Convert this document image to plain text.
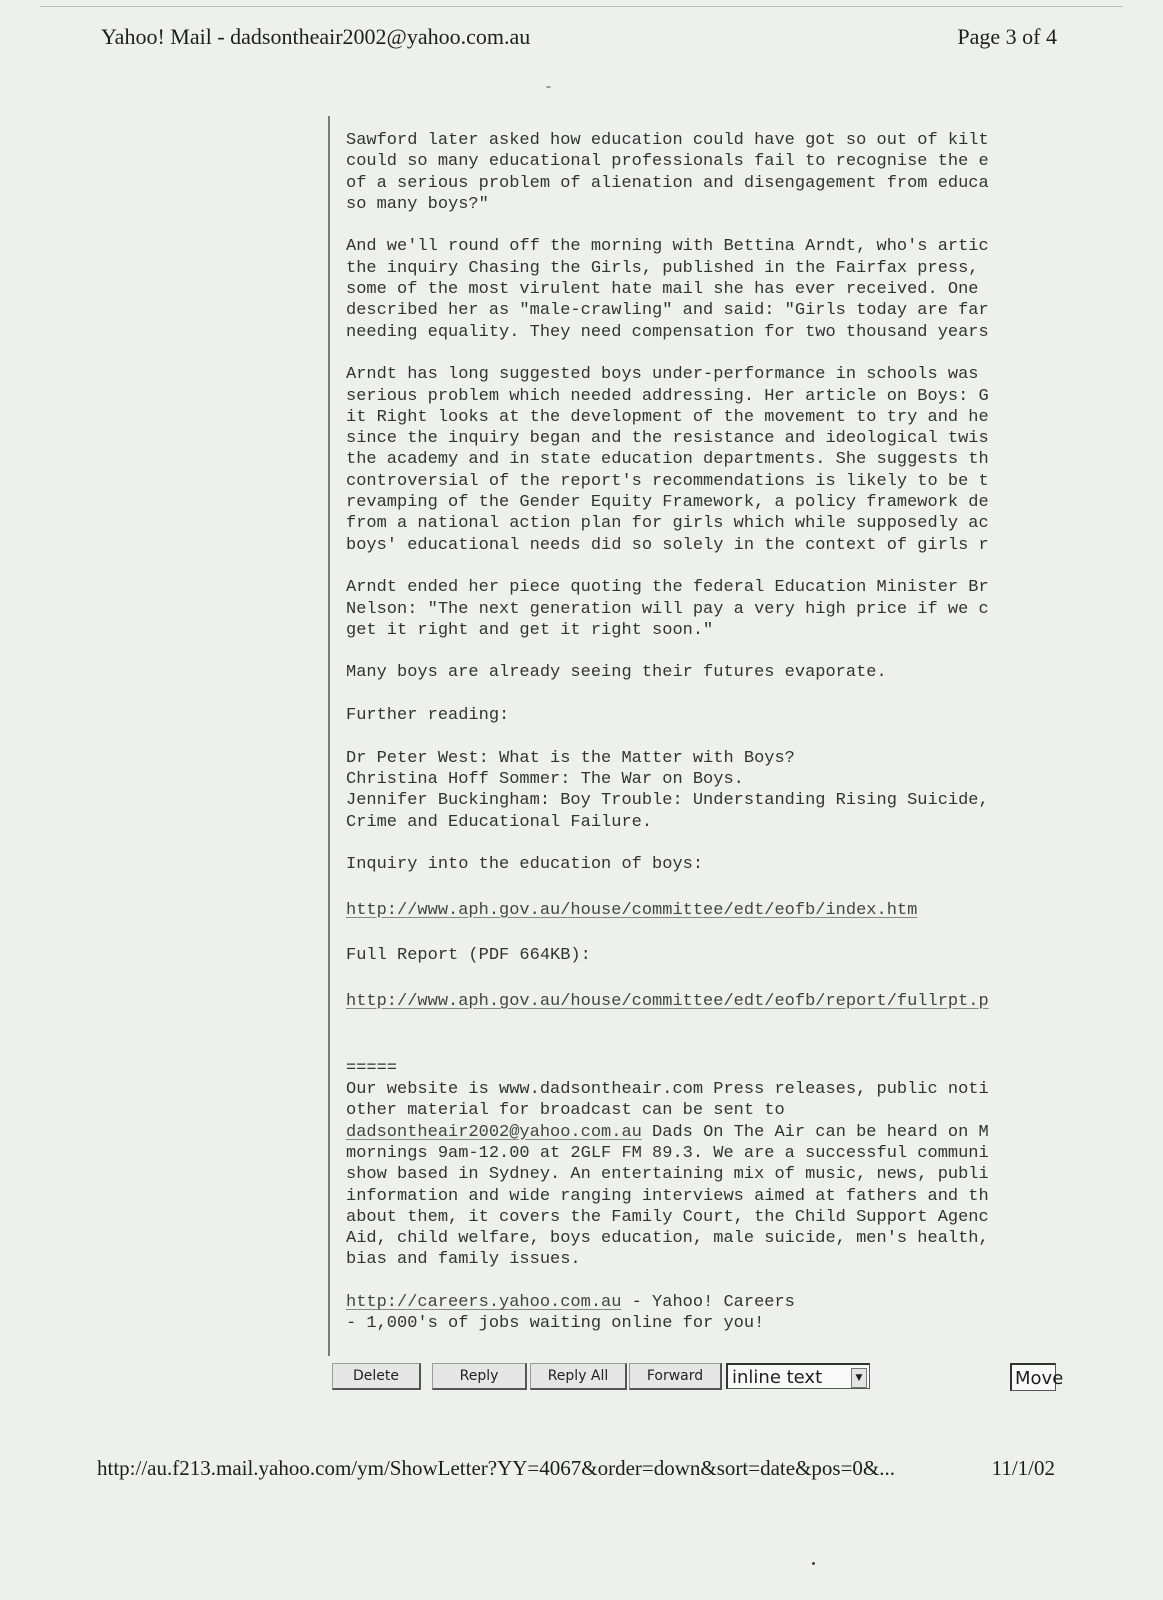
Yahoo! Mail - dadsontheair2002@yahoo.com.au	Page 3 of 4
Sawford later asked how education could have got so out of kilt
could so many educational professionals fail to recognise the e
of a serious problem of alienation and disengagement from educa
so many boys?"
And we'll round off the morning with Bettina Arndt, who's artic
the inquiry Chasing the Girls, published in the Fairfax press,
some of the most virulent hate mail she has ever received. One
described her as "male-crawling" and said: "Girls today are far
needing equality. They need compensation for two thousand years
Arndt has long suggested boys under-performance in schools was
serious problem which needed addressing. Her article on Boys: G
it Right looks at the development of the movement to try and he
since the inquiry began and the resistance and ideological twis
the academy and in state education departments. She suggests th
controversial of the report's recommendations is likely to be t
revamping of the Gender Equity Framework, a policy framework de
from a national action plan for girls which while supposedly ac
boys' educational needs did so solely in the context of girls r
Arndt ended her piece quoting the federal Education Minister Br
Nelson: "The next generation will pay a very high price if we c
get it right and get it right soon."
Many boys are already seeing their futures evaporate.
Further reading:
Dr Peter West: What is the Matter with Boys?
Christina Hoff Sommer: The War on Boys.
Jennifer Buckingham: Boy Trouble: Understanding Rising Suicide,
Crime and Educational Failure.
Inquiry into the education of boys:
http://www.aph.gov.au/house/committee/edt/eofb/index.htm
Full Report (PDF 664KB):
http://www.aph.gov.au/house/committee/edt/eofb/report/fullrpt.p
=====
Our website is www.dadsontheair.com Press releases, public noti
other material for broadcast can be sent to
dadsontheair2002@yahoo.com.au Dads On The Air can be heard on M
mornings 9am-12.00 at 2GLF FM 89.3. We are a successful communi
show based in Sydney. An entertaining mix of music, news, publi
information and wide ranging interviews aimed at fathers and th
about them, it covers the Family Court, the Child Support Agenc
Aid, child welfare, boys education, male suicide, men's health,
bias and family issues.
http://careers.yahoo.com.au - Yahoo! Careers
- 1,000's of jobs waiting online for you!
Delete	Reply	Reply All	Forward	inline text	▼	Move
http://au.f213.mail.yahoo.com/ym/ShowLetter?YY=4067&order=down&sort=date&pos=0&...	11/1/02
